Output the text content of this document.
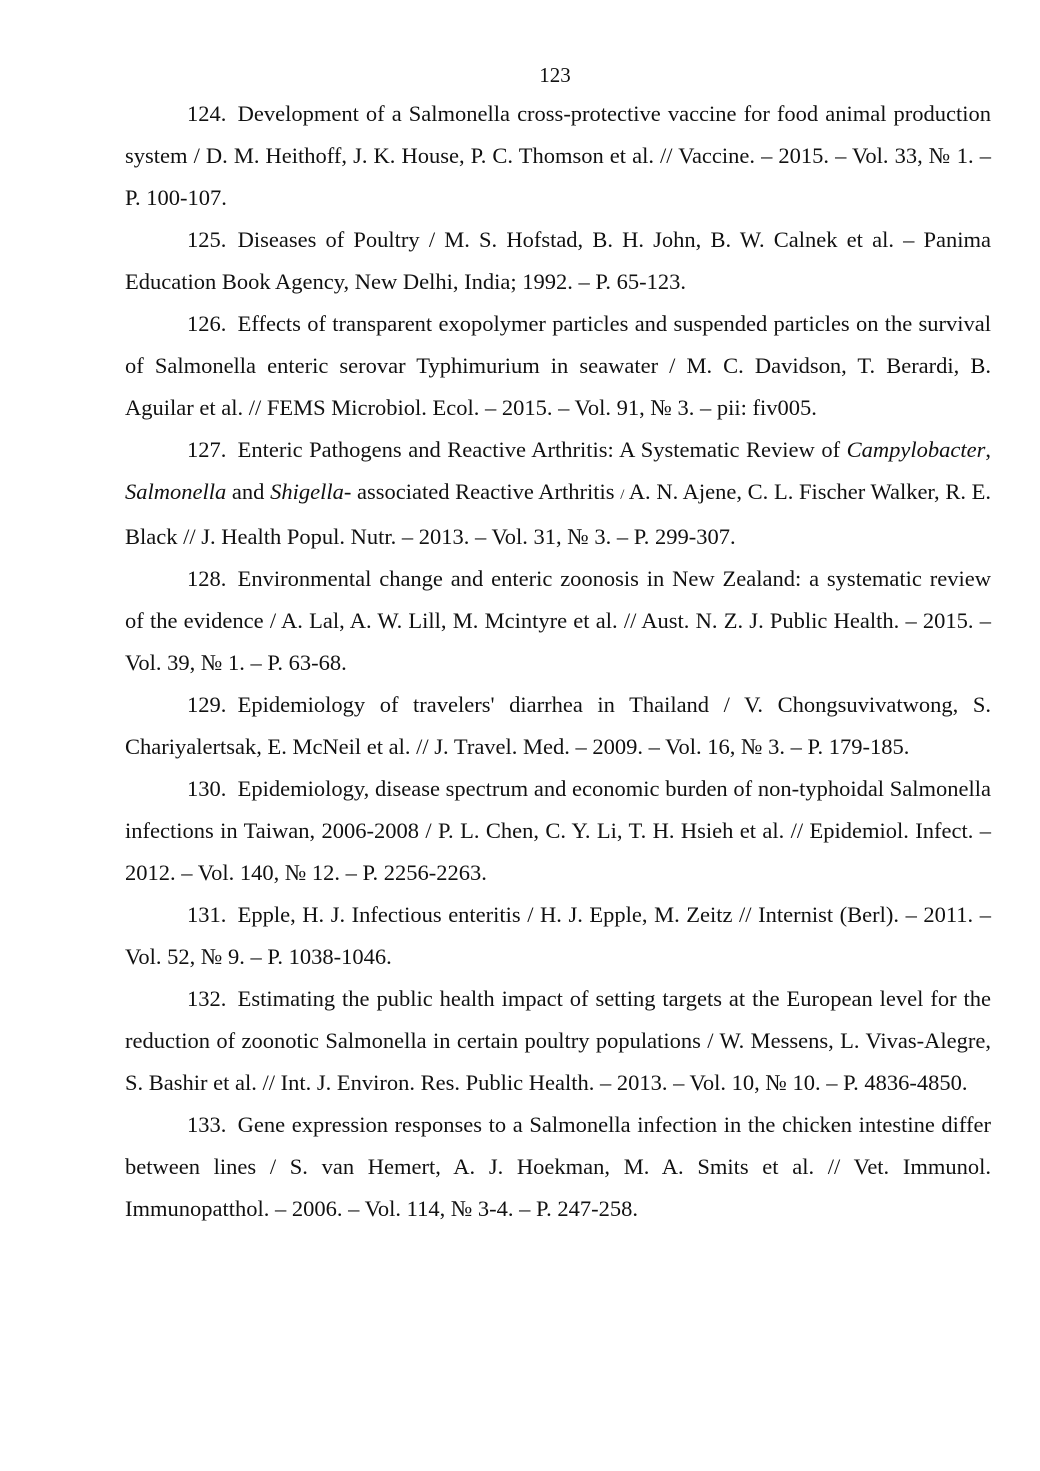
123

124.  Development of a Salmonella cross-protective vaccine for food animal production system / D. M. Heithoff, J. K. House, P. C. Thomson et al. // Vaccine. – 2015. – Vol. 33, № 1. – P. 100-107.

125.  Diseases of Poultry / M. S. Hofstad, B. H. John, B. W. Calnek et al. – Panima Education Book Agency, New Delhi, India; 1992. – P. 65-123.

126.  Effects of transparent exopolymer particles and suspended particles on the survival of Salmonella enteric serovar Typhimurium in seawater / M. C. Davidson, T. Berardi, B. Aguilar et al. // FEMS Microbiol. Ecol. – 2015. – Vol. 91, № 3. – pii: fiv005.

127.  Enteric Pathogens and Reactive Arthritis: A Systematic Review of Campylobacter, Salmonella and Shigella- associated Reactive Arthritis / A. N. Ajene, C. L. Fischer Walker, R. E. Black // J. Health Popul. Nutr. – 2013. – Vol. 31, № 3. – P. 299-307.

128.  Environmental change and enteric zoonosis in New Zealand: a systematic review of the evidence / A. Lal, A. W. Lill, M. Mcintyre et al. // Aust. N. Z. J. Public Health. – 2015. – Vol. 39, № 1. – P. 63-68.

129.  Epidemiology of travelers' diarrhea in Thailand / V. Chongsuvivatwong, S. Chariyalertsak, E. McNeil et al. // J. Travel. Med. – 2009. – Vol. 16, № 3. – P. 179-185.

130.  Epidemiology, disease spectrum and economic burden of non-typhoidal Salmonella infections in Taiwan, 2006-2008 / P. L. Chen, C. Y. Li, T. H. Hsieh et al. // Epidemiol. Infect. – 2012. – Vol. 140, № 12. – P. 2256-2263.

131.  Epple, H. J. Infectious enteritis / H. J. Epple, M. Zeitz // Internist (Berl). – 2011. – Vol. 52, № 9. – P. 1038-1046.

132.  Estimating the public health impact of setting targets at the European level for the reduction of zoonotic Salmonella in certain poultry populations / W. Messens, L. Vivas-Alegre, S. Bashir et al. // Int. J. Environ. Res. Public Health. – 2013. – Vol. 10, № 10. – P. 4836-4850.

133.  Gene expression responses to a Salmonella infection in the chicken intestine differ between lines / S. van Hemert, A. J. Hoekman, M. A. Smits et al. // Vet. Immunol. Immunopatthol. – 2006. – Vol. 114, № 3-4. – P. 247-258.
